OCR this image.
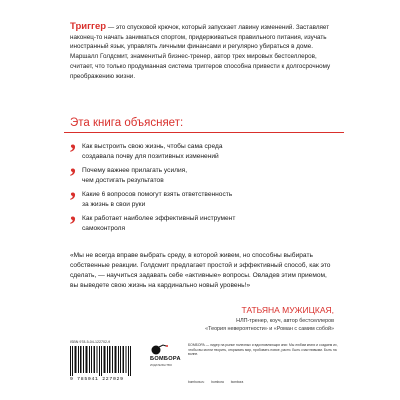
Триггер — это спусковой крючок, который запускает лавину изменений. Заставляет наконец-то начать заниматься спортом, придерживаться правильного питания, изучать иностранный язык, управлять личными финансами и регулярно убираться в доме. Маршалл Голдсмит, знаменитый бизнес-тренер, автор трех мировых бестселлеров, считает, что только продуманная система триггеров способна привести к долгосрочному преображению жизни.
Эта книга объясняет:
, Как выстроить свою жизнь, чтобы сама среда
создавала почву для позитивных изменений
, Почему важнее прилагать усилия,
чем достигать результатов
, Какие 6 вопросов помогут взять ответственность
за жизнь в свои руки
, Как работает наиболее эффективный инструмент
самоконтроля
«Мы не всегда вправе выбрать среду, в которой живем, но способны выбирать собственные реакции. Голдсмит предлагает простой и эффективный способ, как это сделать, — научиться задавать себе «активные» вопросы. Овладев этим приемом, вы выведете свою жизнь на кардинально новый уровень!»
ТАТЬЯНА МУЖИЦКАЯ,
НЛП-тренер, коуч, автор бестселлеров
«Теория невероятности» и «Роман с самим собой»
ISBN 978-5-04-122702-9
9 785041 227029
БОМБОРА
ИЗДАТЕЛЬСТВО
БОМБОРА — лидер на рынке полезных и вдохновляющих книг. Мы любим книги и создаем их, чтобы вы могли творить, открывать мир, пробовать новое, расти. Быть счастливыми. Быть на волне.
bombora.ru bombora bombora
